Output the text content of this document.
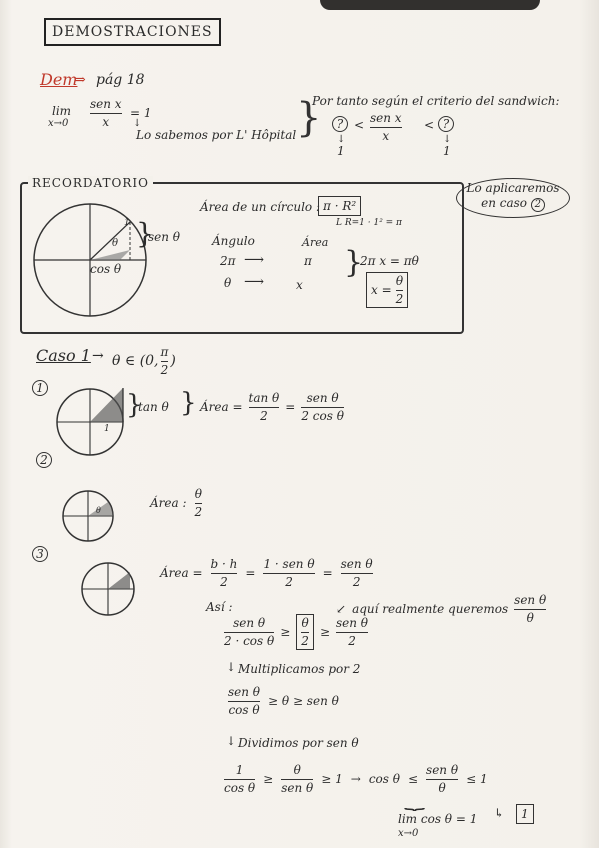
DEMOSTRACIONES
Dem
⇒ pág 18
lim
$x\to 0 \frac{\text{sen x}}{x} = 1$
↓
Lo sabemos por L' Hôpital }
Por tanto según el criterio del sandwich:
? < $\frac{\text{sen x}}{x}$ < ?
↓
1
↓
1
RECORDATORIO
θ
1
cos θ
}
sen θ
Área de un círculo : π · R²
L R=1 · 1² = π
Ángulo	Área
2π ⟶	π
θ ⟶	x
}
2π x = πθ
$x = \frac{\theta}{2}$
Lo aplicaremos
en caso 2
Caso 1 → θ ∈ (0, $\frac{\pi}{2}$ )
1
1
}
tan θ } Área = $\frac{\text{tan θ}}{2} = \frac{\text{sen θ}}{\text{2 cos θ}}$
2
θ
Área : $\frac{\theta}{2}$
3
Área = $\frac{b \cdot h}{2} = \frac{\text{1 · sen θ}}{2} = \frac{\text{sen θ}}{2}$
Así :
$\frac{\text{sen θ}}{\text{2 · cos θ}} \ge \frac{\theta}{2} \ge \frac{\text{sen θ}}{2}$
↙ aquí realmente queremos $\frac{\text{sen θ}}{\theta}$
↓ Multiplicamos por 2
$\frac{\text{sen θ}}{\text{cos θ}} \ge \theta$ ≥ sen θ
↓ Dividimos por sen θ
$\frac{1}{\text{cos θ}} \ge \frac{\theta}{\text{sen θ}} \ge 1 \to \cos \theta \le \frac{\text{sen θ}}{\theta} \le 1$
⏟
lim cos θ = 1
x→0
↳	1
